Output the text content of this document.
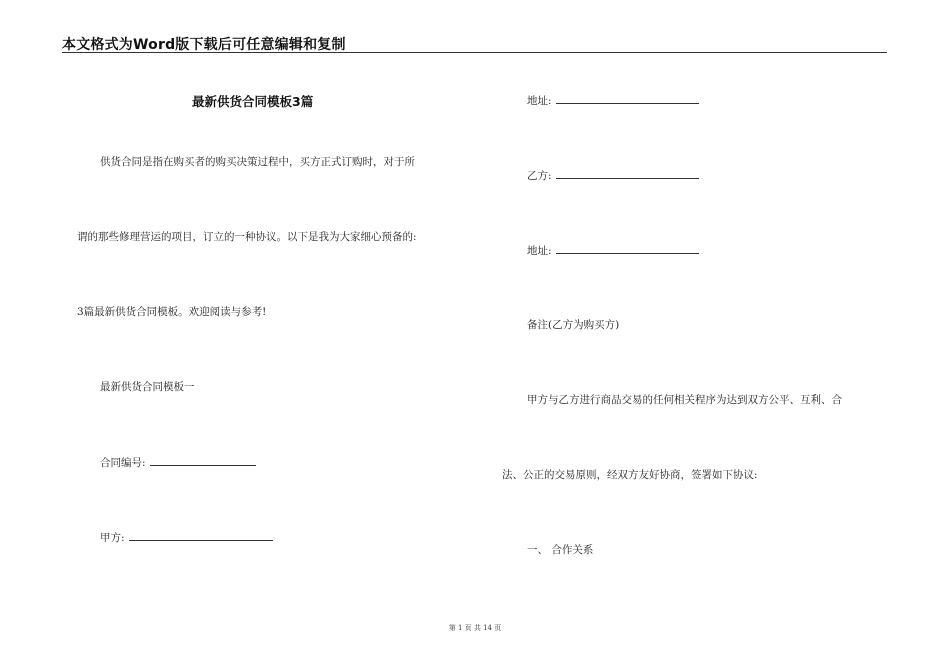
本文格式为Word版下载后可任意编辑和复制
最新供货合同模板3篇
供货合同是指在购买者的购买决策过程中，买方正式订购时，对于所
谓的那些修理营运的项目，订立的一种协议。以下是我为大家细心预备的:
3篇最新供货合同模板。欢迎阅读与参考!
最新供货合同模板一
合同编号:
甲方:
地址:
乙方:
地址:
备注(乙方为购买方)
甲方与乙方进行商品交易的任何相关程序为达到双方公平、互利、合
法、公正的交易原则，经双方友好协商，签署如下协议:
一、 合作关系
第 1 页 共 14 页
